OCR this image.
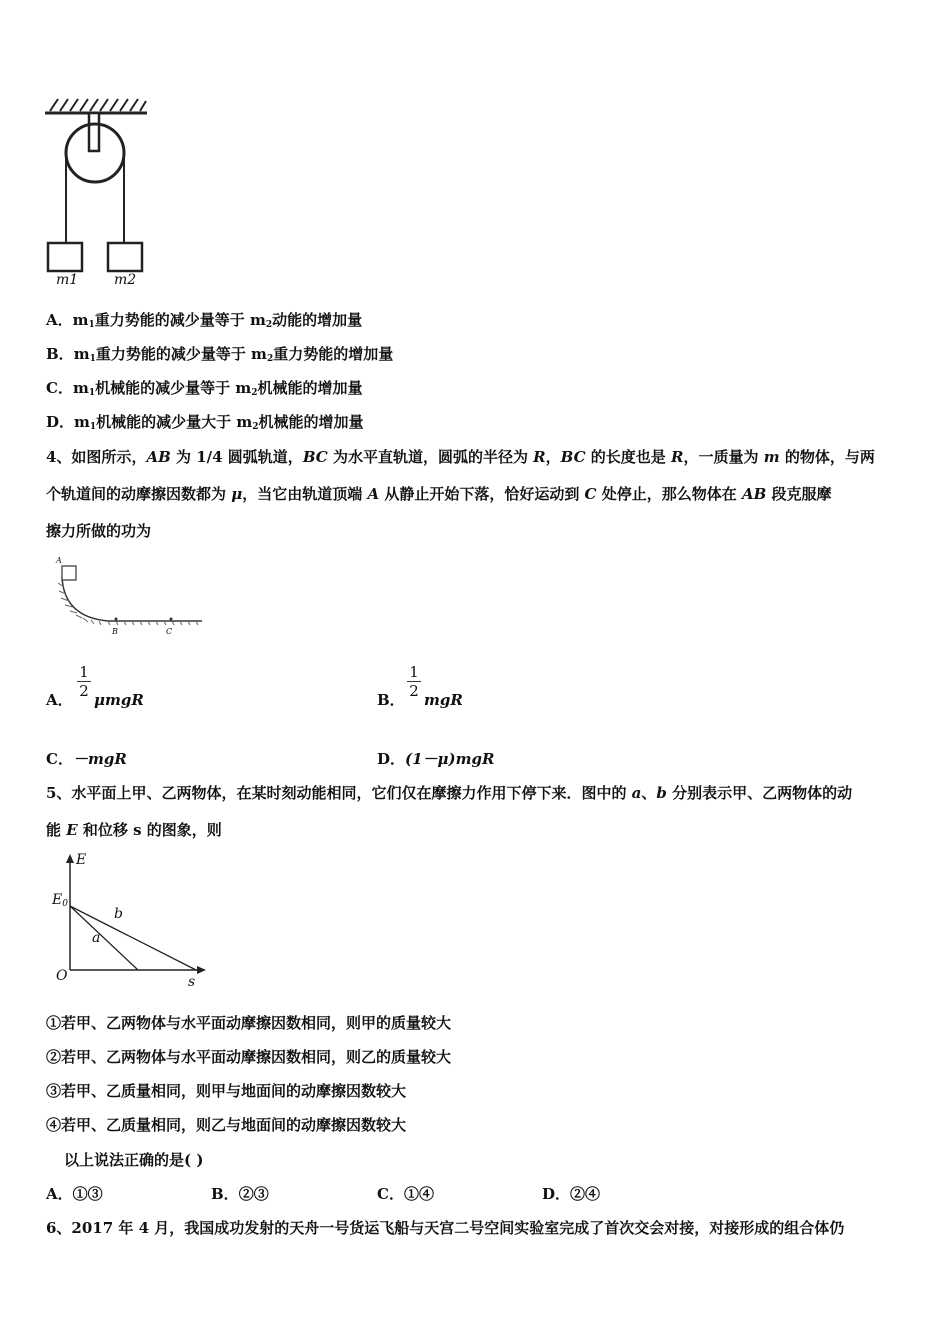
m1	m2
A．$m_1$重力势能的减少量等于 $m_2$动能的增加量
B．$m_1$重力势能的减少量等于 $m_2$重力势能的增加量
C．$m_1$机械能的减少量等于 $m_2$机械能的增加量
D．$m_1$机械能的减少量大于 $m_2$机械能的增加量
4、如图所示，AB 为 1/4 圆弧轨道，BC 为水平直轨道，圆弧的半径为 R，BC 的长度也是 R，一质量为 m 的物体，与两
个轨道间的动摩擦因数都为 μ，当它由轨道顶端 A 从静止开始下落，恰好运动到 C 处停止，那么物体在 AB 段克服摩
擦力所做的功为
A
B	C
A． $\frac{1}{2}$ μmgR	B． $\frac{1}{2}$ mgR
C．－mgR	D．(1－μ)mgR
5、水平面上甲、乙两物体，在某时刻动能相同，它们仅在摩擦力作用下停下来．图中的 a、b 分别表示甲、乙两物体的动
能 E 和位移 s 的图象，则
E
$E_0$
O	s
a
b
①若甲、乙两物体与水平面动摩擦因数相同，则甲的质量较大
②若甲、乙两物体与水平面动摩擦因数相同，则乙的质量较大
③若甲、乙质量相同，则甲与地面间的动摩擦因数较大
④若甲、乙质量相同，则乙与地面间的动摩擦因数较大
以上说法正确的是( )
A．①③	B．②③	C．①④	D．②④
6、2017 年 4 月，我国成功发射的天舟一号货运飞船与天宫二号空间实验室完成了首次交会对接，对接形成的组合体仍
